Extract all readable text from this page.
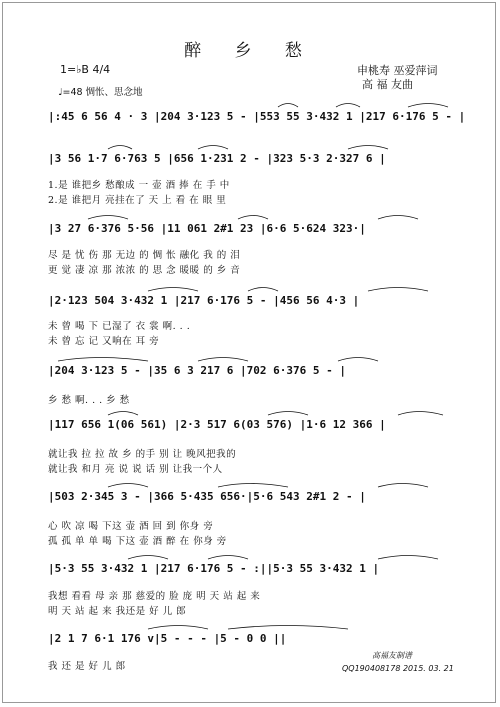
醉 乡 愁
申桃寿 巫爱萍词
高 福 友曲
1=♭B 4/4
♩=48 惆怅、思念地
|:45 6 56 4 · 3 |204 3·123 5 - |553 55 3·432 1 |217 6·176 5 - |
|3 56 1·7 6·763 5 |656 1·231 2 - |323 5·3 2·327 6 |
1.是 谁把乡 愁酿成 一 壶 酒 捧 在 手 中
2.是 谁把月 亮挂在了 天 上 看 在 眼 里
|3 27 6·376 5·56 |11 061 2#1 23 |6·6 5·624 323·|
尽 是 忧 伤 那 无边 的 惆 怅 融化 我 的 泪
更 觉 凄 凉 那 浓浓 的 思 念 暖暖 的 乡 音
|2·123 504 3·432 1 |217 6·176 5 - |456 56 4·3 |
未 曾 喝 下 已湿了 衣 裳 啊. . .
未 曾 忘 记 又响在 耳 旁
|204 3·123 5 - |35 6 3 217 6 |702 6·376 5 - |
乡 愁 啊. . . 乡 愁
|117 656 1(06 561) |2·3 517 6(03 576) |1·6 12 366 |
就让我 拉 拉 故 乡 的手 别 让 晚风把我的
就让我 和月 亮 说 说 话 别 让我一个人
|503 2·345 3 - |366 5·435 656·|5·6 543 2#1 2 - |
心 吹 凉 喝 下这 壶 酒 回 到 你身 旁
孤 孤 单 单 喝 下这 壶 酒 醉 在 你身 旁
|5·3 55 3·432 1 |217 6·176 5 - :||5·3 55 3·432 1 |
我想 看看 母 亲 那 慈爱的 脸 庞 明 天 站 起 来
明 天 站 起 来 我还是 好 儿 郎
|2 1 7 6·1 176 v|5 - - - |5 - 0 0 ||
我 还 是 好 儿 郎
高福友制谱
QQ190408178 2015. 03. 21
